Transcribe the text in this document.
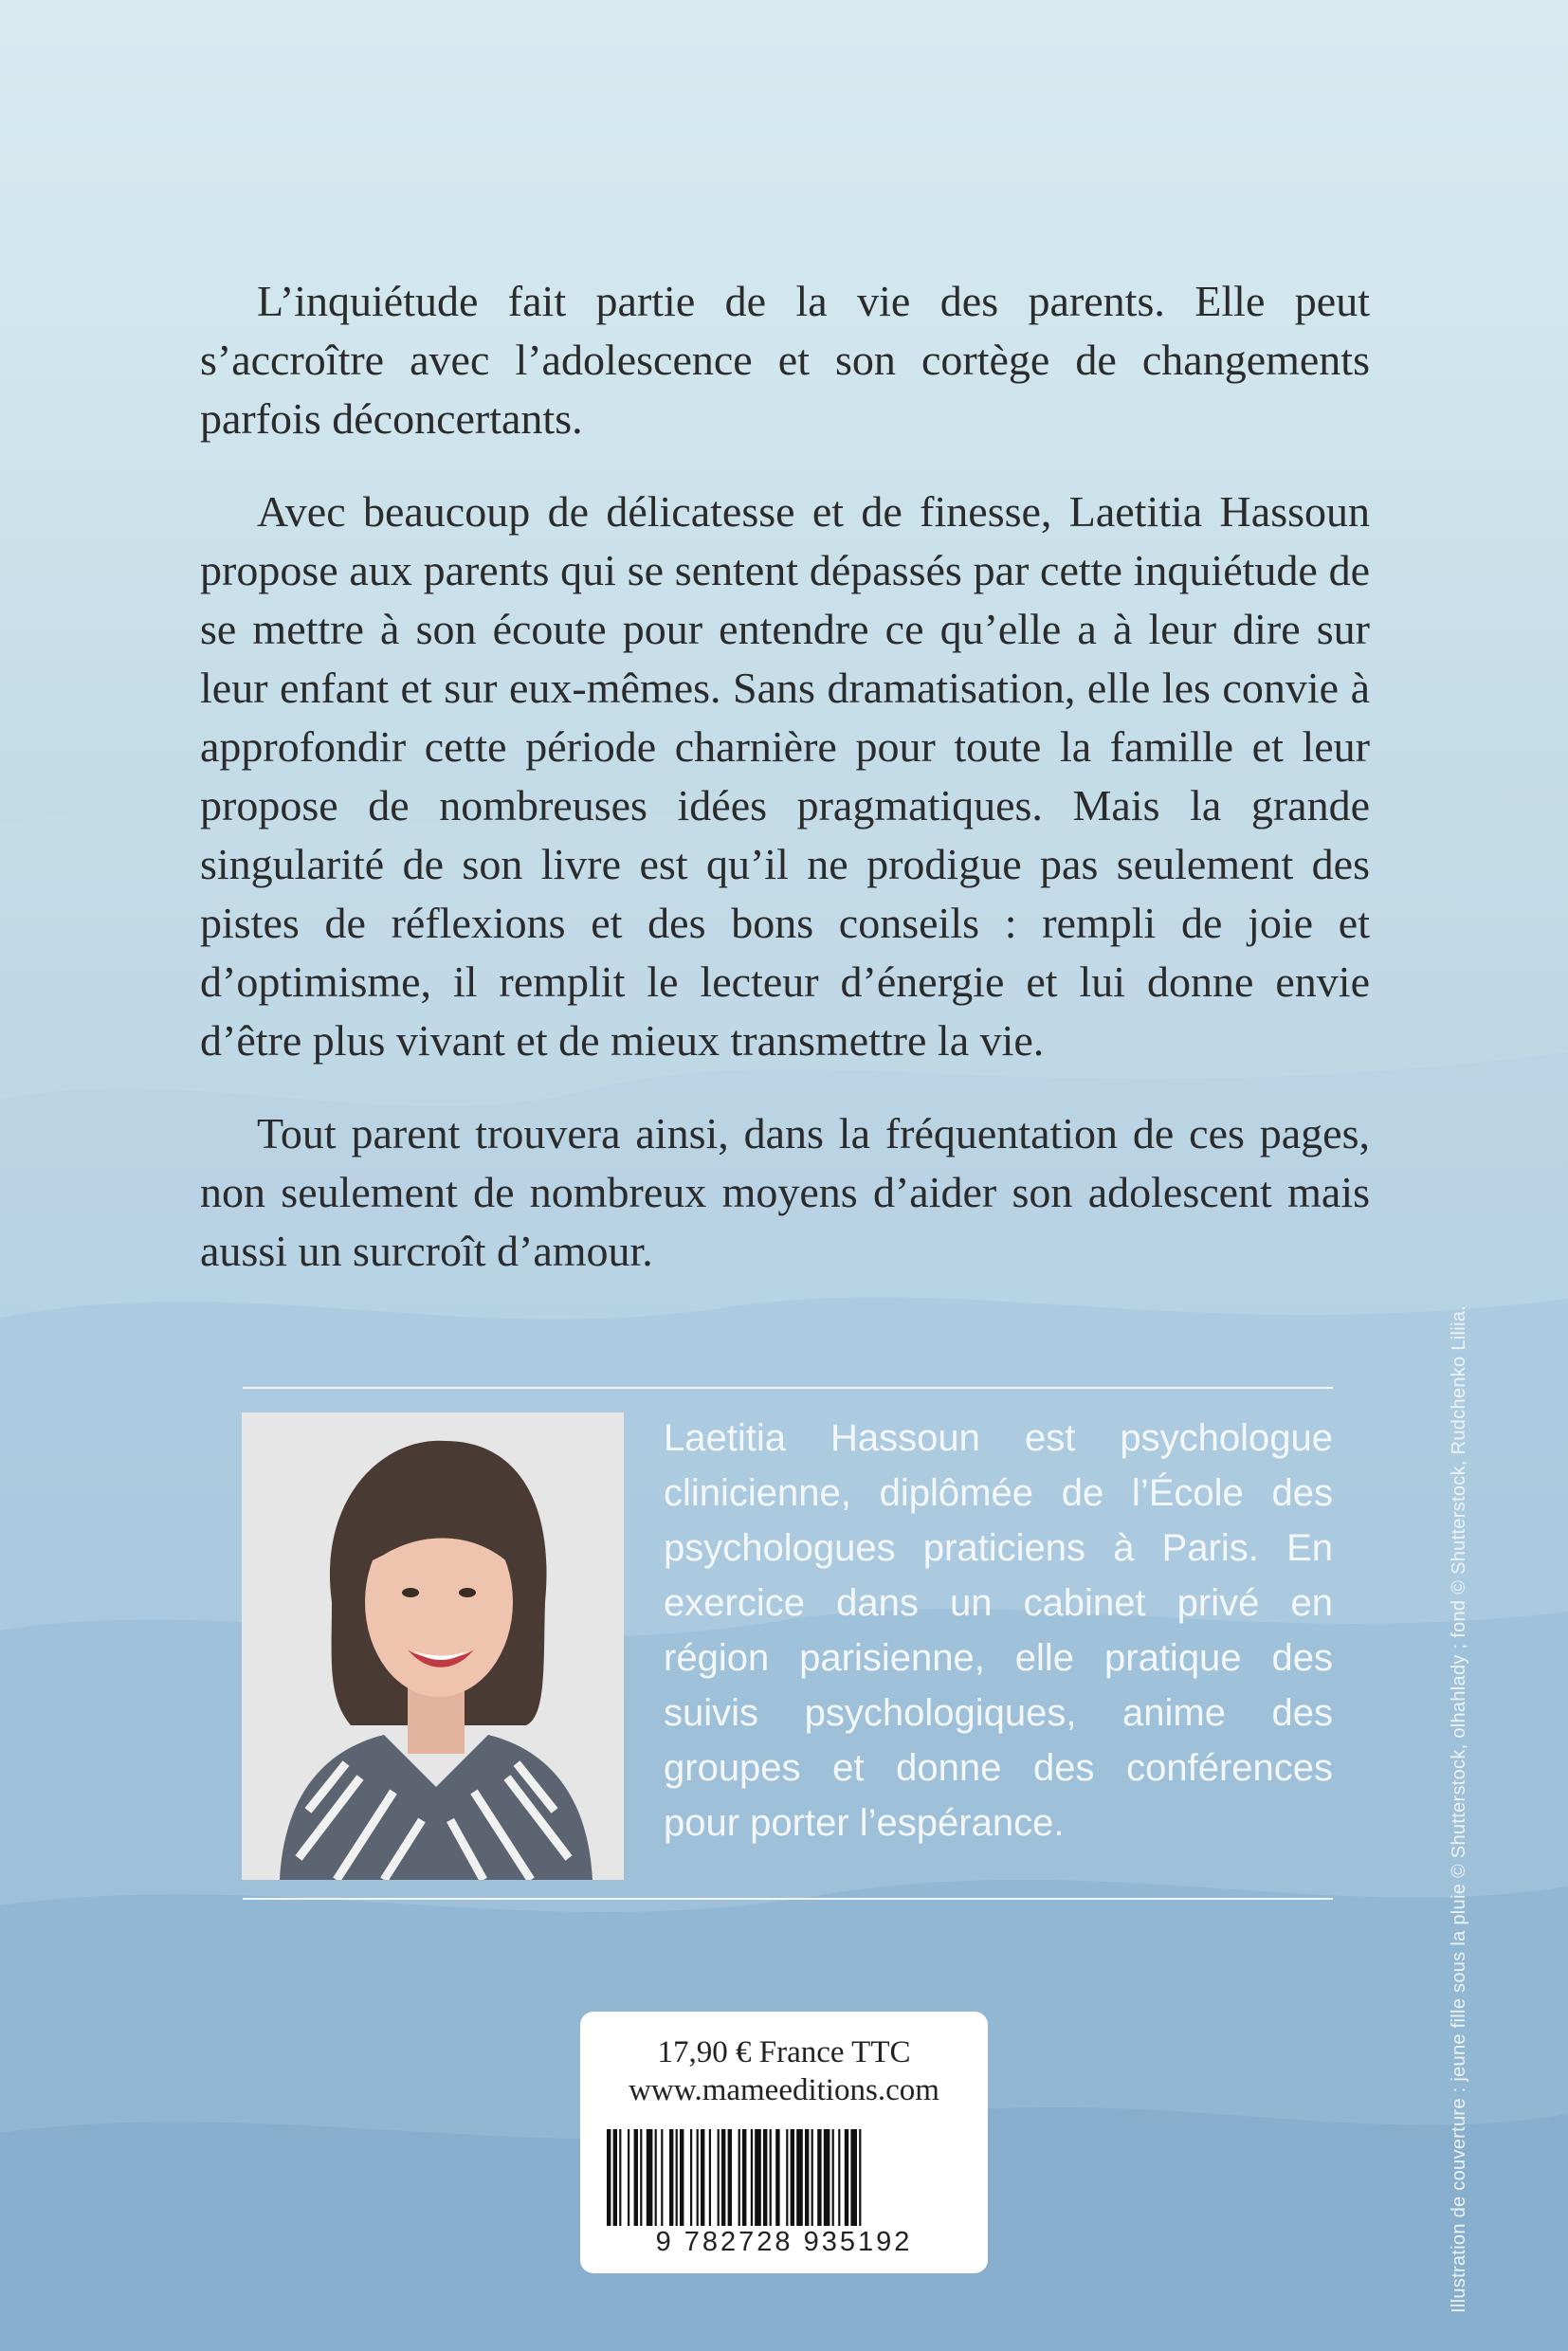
L’inquiétude fait partie de la vie des parents. Elle peut s’accroître avec l’adolescence et son cortège de changements parfois déconcertants.

Avec beaucoup de délicatesse et de finesse, Laetitia Hassoun propose aux parents qui se sentent dépassés par cette inquiétude de se mettre à son écoute pour entendre ce qu’elle a à leur dire sur leur enfant et sur eux-mêmes. Sans dramatisation, elle les convie à approfondir cette période charnière pour toute la famille et leur propose de nombreuses idées pragmatiques. Mais la grande singularité de son livre est qu’il ne prodigue pas seulement des pistes de réflexions et des bons conseils : rempli de joie et d’optimisme, il remplit le lecteur d’énergie et lui donne envie d’être plus vivant et de mieux transmettre la vie.

Tout parent trouvera ainsi, dans la fréquentation de ces pages, non seulement de nombreux moyens d’aider son adolescent mais aussi un surcroît d’amour.

Laetitia Hassoun est psychologue clinicienne, diplômée de l’École des psychologues praticiens à Paris. En exercice dans un cabinet privé en région parisienne, elle pratique des suivis psychologiques, anime des groupes et donne des conférences pour porter l’espérance.	Illustration de couverture : jeune fille sous la pluie © Shutterstock, olhahlady ; fond © Shutterstock, Rudchenko Liliia.
17,90 € France TTC
www.mameeditions.com
9 782728 935192
